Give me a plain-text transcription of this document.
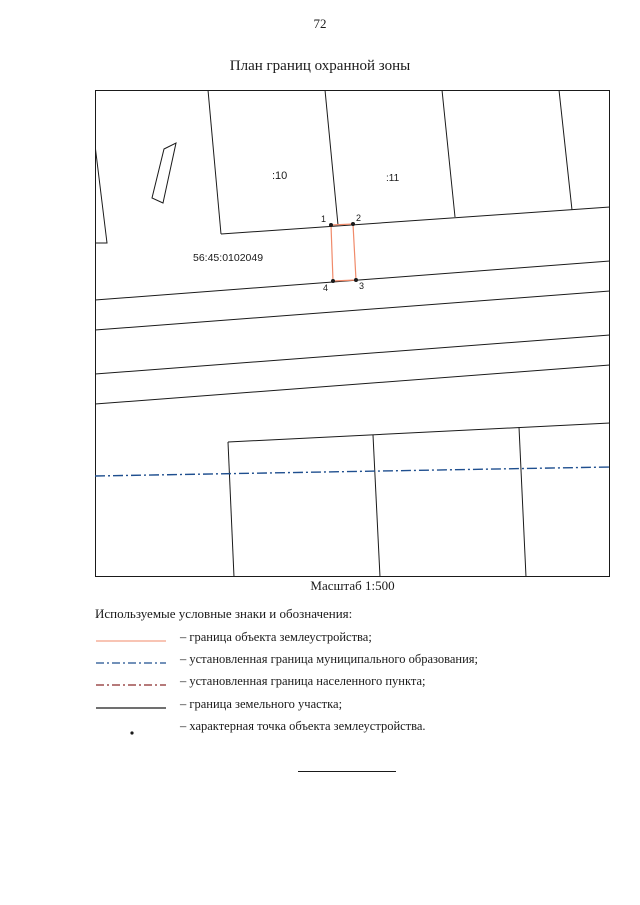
72
План границ охранной зоны
:10	:11
56:45:0102049
1	2
3
4
Масштаб 1:500
Используемые условные знаки и обозначения:
– граница объекта землеустройства;
– установленная граница муниципального образования;
– установленная граница населенного пункта;
– граница земельного участка;
– характерная точка объекта землеустройства.
